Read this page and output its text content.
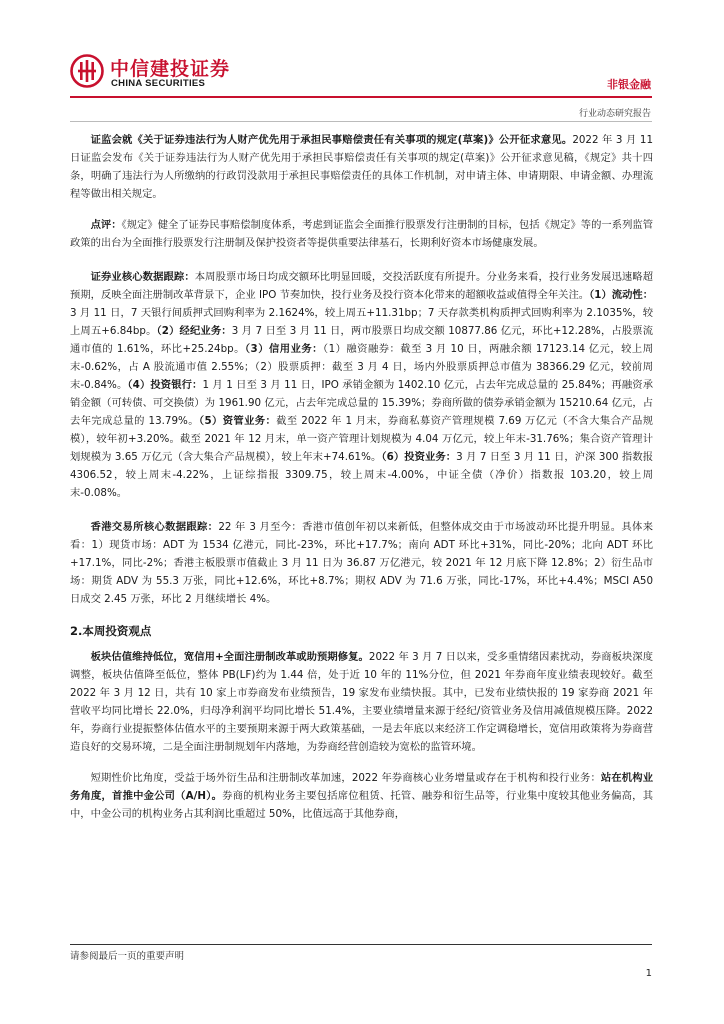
中信建投证券
CHINA SECURITIES	非银金融
行业动态研究报告

证监会就《关于证券违法行为人财产优先用于承担民事赔偿责任有关事项的规定(草案)》公开征求意见。2022 年 3 月 11 日证监会发布《关于证券违法行为人财产优先用于承担民事赔偿责任有关事项的规定(草案)》公开征求意见稿，《规定》共十四条，明确了违法行为人所缴纳的行政罚没款用于承担民事赔偿责任的具体工作机制，对申请主体、申请期限、申请金额、办理流程等做出相关规定。

点评：《规定》健全了证券民事赔偿制度体系，考虑到证监会全面推行股票发行注册制的目标，包括《规定》等的一系列监管政策的出台为全面推行股票发行注册制及保护投资者等提供重要法律基石，长期利好资本市场健康发展。

证券业核心数据跟踪：本周股票市场日均成交额环比明显回暖，交投活跃度有所提升。分业务来看，投行业务发展迅速略超预期，反映全面注册制改革背景下，企业 IPO 节奏加快，投行业务及投行资本化带来的超额收益或值得全年关注。（1）流动性：3 月 11 日，7 天银行间质押式回购利率为 2.1624%，较上周五+11.31bp；7 天存款类机构质押式回购利率为 2.1035%，较上周五+6.84bp。（2）经纪业务：3 月 7 日至 3 月 11 日，两市股票日均成交额 10877.86 亿元，环比+12.28%，占股票流通市值的 1.61%，环比+25.24bp。（3）信用业务：（1）融资融券：截至 3 月 10 日，两融余额 17123.14 亿元，较上周末-0.62%，占 A 股流通市值 2.55%；（2）股票质押：截至 3 月 4 日，场内外股票质押总市值为 38366.29 亿元，较前周末-0.84%。（4）投资银行：1 月 1 日至 3 月 11 日，IPO 承销金额为 1402.10 亿元，占去年完成总量的 25.84%；再融资承销金额（可转债、可交换债）为 1961.90 亿元，占去年完成总量的 15.39%；券商所做的债券承销金额为 15210.64 亿元，占去年完成总量的 13.79%。（5）资管业务：截至 2022 年 1 月末，券商私募资产管理规模 7.69 万亿元（不含大集合产品规模），较年初+3.20%。截至 2021 年 12 月末，单一资产管理计划规模为 4.04 万亿元，较上年末-31.76%；集合资产管理计划规模为 3.65 万亿元（含大集合产品规模），较上年末+74.61%。（6）投资业务：3 月 7 日至 3 月 11 日，沪深 300 指数报 4306.52，较上周末-4.22%，上证综指报 3309.75，较上周末-4.00%，中证全债（净价）指数报 103.20，较上周末-0.08%。

香港交易所核心数据跟踪：22 年 3 月至今：香港市值创年初以来新低，但整体成交由于市场波动环比提升明显。具体来看：1）现货市场：ADT 为 1534 亿港元，同比-23%，环比+17.7%；南向 ADT 环比+31%，同比-20%；北向 ADT 环比+17.1%，同比-2%；香港主板股票市值截止 3 月 11 日为 36.87 万亿港元，较 2021 年 12 月底下降 12.8%；2）衍生品市场：期货 ADV 为 55.3 万张，同比+12.6%，环比+8.7%；期权 ADV 为 71.6 万张，同比-17%，环比+4.4%；MSCI A50 日成交 2.45 万张，环比 2 月继续增长 4%。

2.本周投资观点

板块估值维持低位，宽信用+全面注册制改革或助预期修复。2022 年 3 月 7 日以来，受多重情绪因素扰动，券商板块深度调整，板块估值降至低位，整体 PB(LF)约为 1.44 倍，处于近 10 年的 11%分位，但 2021 年券商年度业绩表现较好。截至 2022 年 3 月 12 日，共有 10 家上市券商发布业绩预告，19 家发布业绩快报。其中，已发布业绩快报的 19 家券商 2021 年营收平均同比增长 22.0%，归母净利润平均同比增长 51.4%，主要业绩增量来源于经纪/资管业务及信用减值规模压降。2022 年，券商行业提振整体估值水平的主要预期来源于两大政策基础，一是去年底以来经济工作定调稳增长，宽信用政策将为券商营造良好的交易环境，二是全面注册制规划年内落地，为券商经营创造较为宽松的监管环境。

短期性价比角度，受益于场外衍生品和注册制改革加速，2022 年券商核心业务增量或存在于机构和投行业务：站在机构业务角度，首推中金公司（A/H）。券商的机构业务主要包括席位租赁、托管、融券和衍生品等，行业集中度较其他业务偏高，其中，中金公司的机构业务占其利润比重超过 50%，比值远高于其他券商，

请参阅最后一页的重要声明
1
